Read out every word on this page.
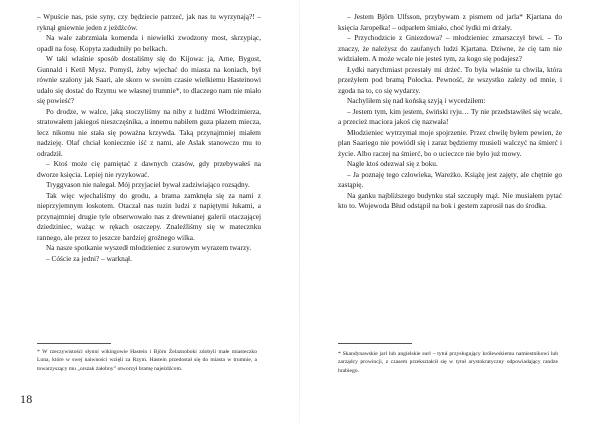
– Wpuście nas, psie syny, czy będziecie patrzeć, jak nas tu wyrzynają?! – ryknął gniewnie jeden z jeźdźców.

Na wale zabrzmiała komenda i niewielki zwodzony most, skrzypiąc, opadł na fosę. Kopyta zadudniły po belkach.

W taki właśnie sposób dostaliśmy się do Kijowa: ja, Arne, Bygost, Gunnald i Ketil Mysz. Pomyśl, żeby wjechać do miasta na koniach, był równie szalony jak Saari, ale skoro w swoim czasie wielkiemu Hasteinowi udało się dostać do Rzymu we własnej trumnie*, to dlaczego nam nie miało się powieść?

Po drodze, w walce, jaką stoczyliśmy na niby z ludźmi Włodzimierza, stratowałem jakiegoś nieszczęśnika, a innemu nabiłem guza płazem miecza, lecz nikomu nie stała się poważna krzywda. Taką przynajmniej miałem nadzieję. Olaf chciał koniecznie iść z nami, ale Aslak stanowczo mu to odradził.

– Ktoś może cię pamiętać z dawnych czasów, gdy przebywałeś na dworze księcia. Lepiej nie ryzykować.

Tryggvason nie nalegał. Mój przyjaciel bywał zadziwiająco rozsądny.

Tak więc wjechaliśmy do grodu, a brama zamknęła się za nami z nieprzyjemnym łoskotem. Otaczał nas tuzin ludzi z napiętymi łukami, a przynajmniej drugie tyle obserwowało nas z drewnianej galerii otaczającej dziedziniec, ważąc w rękach oszczepy. Znaleźliśmy się w matecznku rannego, ale przez to jeszcze bardziej groźnego wilka.

Na nasze spotkanie wyszedł młodzieniec z surowym wyrazem twarzy.

– Cóście za jedni? – warknął.

* W rzeczywistości słynni wikingowie Hastein i Björn Żelaznoboki zdobyli małe miasteczko Luna, które w swej naiwności wzięli za Rzym. Hastein przedostał się do miasta w trumnie, a towarzyszący mu „orszak żałobny” otworzył bramę najeźdźcom.

18

– Jestem Björn Ulfsson, przybywam z pismem od jarla* Kjartana do księcia Jaropełka! – odparłem śmiało, choć łydki mi drżały.

– Przychodzicie z Gniezdowa? – młodzieniec zmarszczył brwi. – To znaczy, że należysz do zaufanych ludzi Kjartana. Dziwne, że cię tam nie widziałem. A może wcale nie jesteś tym, za kogo się podajesz?

Łydki natychmiast przestały mi drżeć. To była właśnie ta chwila, która przeżyłem pod bramą Połocka. Pewność, że wszystko zależy od mnie, i zgoda na to, co się wydarzy.

Nachyliłem się nad końską szyją i wycedziłem:

– Jestem tym, kim jestem, świński ryju… Ty nie przedstawiłeś się wcale, a przecież maciora jakoś cię nazwała!

Młodzieniec wytrzymał moje spojrzenie. Przez chwilę byłem pewien, że plan Saariego nie powiódł się i zaraz będziemy musieli walczyć na śmierć i życie. Albo raczej na śmierć, bo o ucieczce nie było już mowy.

Nagle ktoś odezwał się z boku.

– Ja poznaję tego człowieka, Wareżko. Książę jest zajęty, ale chętnie go zastąpię.

Na ganku najbliższego budynku stał szczupły mąż. Nie musiałem pytać kto to. Wojewoda Błud odstąpił na bok i gestem zaprosił nas do środka.

* Skandynawskie jarl lub angielskie earl – tytuł przysługujący królewskiemu namiestnikowi lub zarządcy prowincji, z czasem przekształcił się w tytuł arystokratyczny odpowiadający randze hrabiego.
